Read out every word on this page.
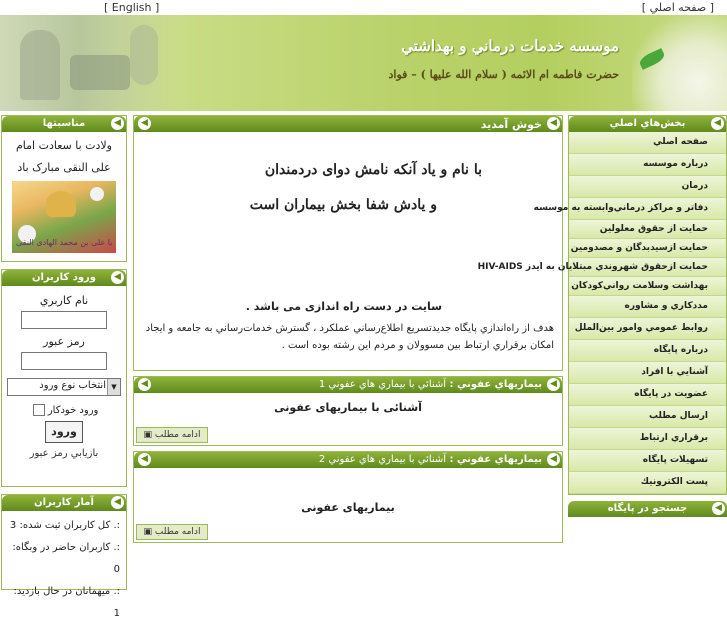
[ English ]	[ صفحه اصلي ]
موسسه خدمات درماني و بهداشتي
حضرت فاطمه ام الائمه ( سلام الله عليها ) – فواد
مناسبتها	◀
ولادت با سعادت امام علی النقی مبارک باد
یا علی بن محمد الهادی النقی
ورود كاربران	◀
نام كاربري
رمز عبور
انتخاب نوع ورود ▼
ورود خودكار
ورود
بازيابي رمز عبور
آمار كاربران	◀
:. كل كاربران ثبت شده: 3
:. كاربران حاضر در وبگاه: 0
:. ميهمانان در حال بازديد: 1
خوش آمديد ◀
◀
با نام و یاد آنکه نامش دوای دردمندان
و یادش شفا بخش بیماران است
سایت در دست راه اندازی می باشد .
هدف از راه‌اندازي پايگاه جديدتسريع اطلاع‌رساني عملكرد ، گسترش خدمات‌رساني به جامعه و ايجاد امكان برقراري ارتباط بين مسوولان و مردم اين رشته بوده است .
بيماريهاي عفوني : آشنائي با بيماري هاي عفوني 1	◀
◀
آشنائی با بیماریهای عفونی
ادامه مطلب ▣
بيماريهاي عفوني : آشنائي با بيماري هاي عفوني 2	◀
◀
بیماریهای عفونی
ادامه مطلب ▣
بخش‌هاي اصلي	◀
صفحه اصلي
درباره موسسه
درمان
دفاتر و مراكز درماني‌وابسته به موسسه
حمايت از حقوق معلولين
حمايت از‌سيدبدگان و مصدومين
حمايت از‌حقوق شهروندي مبتلايان به ايدز HIV-AIDS
بهداشت وسلامت رواني‌كودكان
مددكاري و مشاوره
روابط عمومي وامور بين‌الملل
درباره پايگاه
آشنايي با افراد
عضويت در پايگاه
ارسال مطلب
برقراري ارتباط
تسهيلات پايگاه
پست الكترونيك
جستجو در پايگاه	◀
